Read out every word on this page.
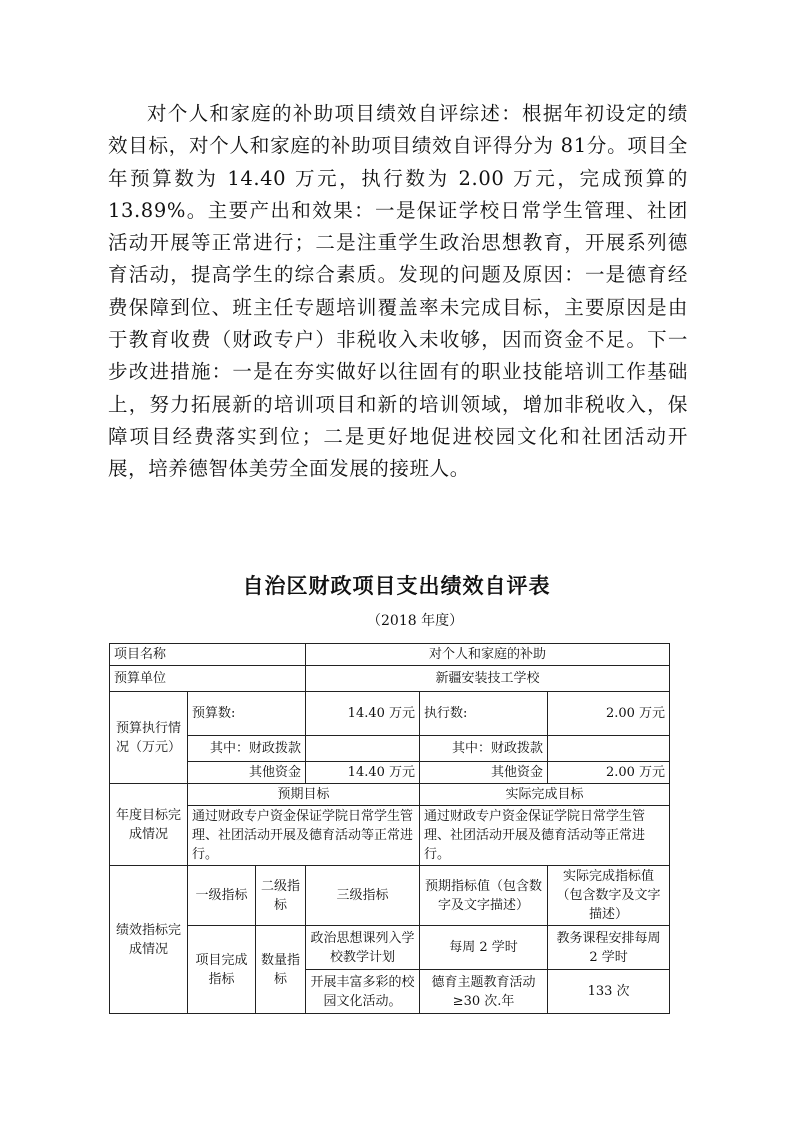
对个人和家庭的补助项目绩效自评综述：根据年初设定的绩效目标，对个人和家庭的补助项目绩效自评得分为 81分。项目全年预算数为 14.40 万元，执行数为 2.00 万元，完成预算的 13.89%。主要产出和效果：一是保证学校日常学生管理、社团活动开展等正常进行；二是注重学生政治思想教育，开展系列德育活动，提高学生的综合素质。发现的问题及原因：一是德育经费保障到位、班主任专题培训覆盖率未完成目标，主要原因是由于教育收费（财政专户）非税收入未收够，因而资金不足。下一步改进措施：一是在夯实做好以往固有的职业技能培训工作基础上，努力拓展新的培训项目和新的培训领域，增加非税收入，保障项目经费落实到位；二是更好地促进校园文化和社团活动开展，培养德智体美劳全面发展的接班人。

自治区财政项目支出绩效自评表
（2018 年度）
项目名称			对个人和家庭的补助		
预算单位			新疆安装技工学校		
预算执行情况（万元）	预算数:		14.40 万元	执行数:	2.00 万元
	其中：财政拨款			其中：财政拨款	
	其他资金		14.40 万元	其他资金	2.00 万元
年度目标完成情况	预期目标			实际完成目标	
	通过财政专户资金保证学院日常学生管理、社团活动开展及德育活动等正常进行。			通过财政专户资金保证学院日常学生管理、社团活动开展及德育活动等正常进行。	
绩效指标完成情况	一级指标	二级指标	三级指标	预期指标值（包含数字及文字描述）	实际完成指标值（包含数字及文字描述）
	项目完成指标	数量指标	政治思想课列入学校教学计划	每周 2 学时	教务课程安排每周 2 学时
			开展丰富多彩的校园文化活动。	德育主题教育活动≥30 次.年	133 次
